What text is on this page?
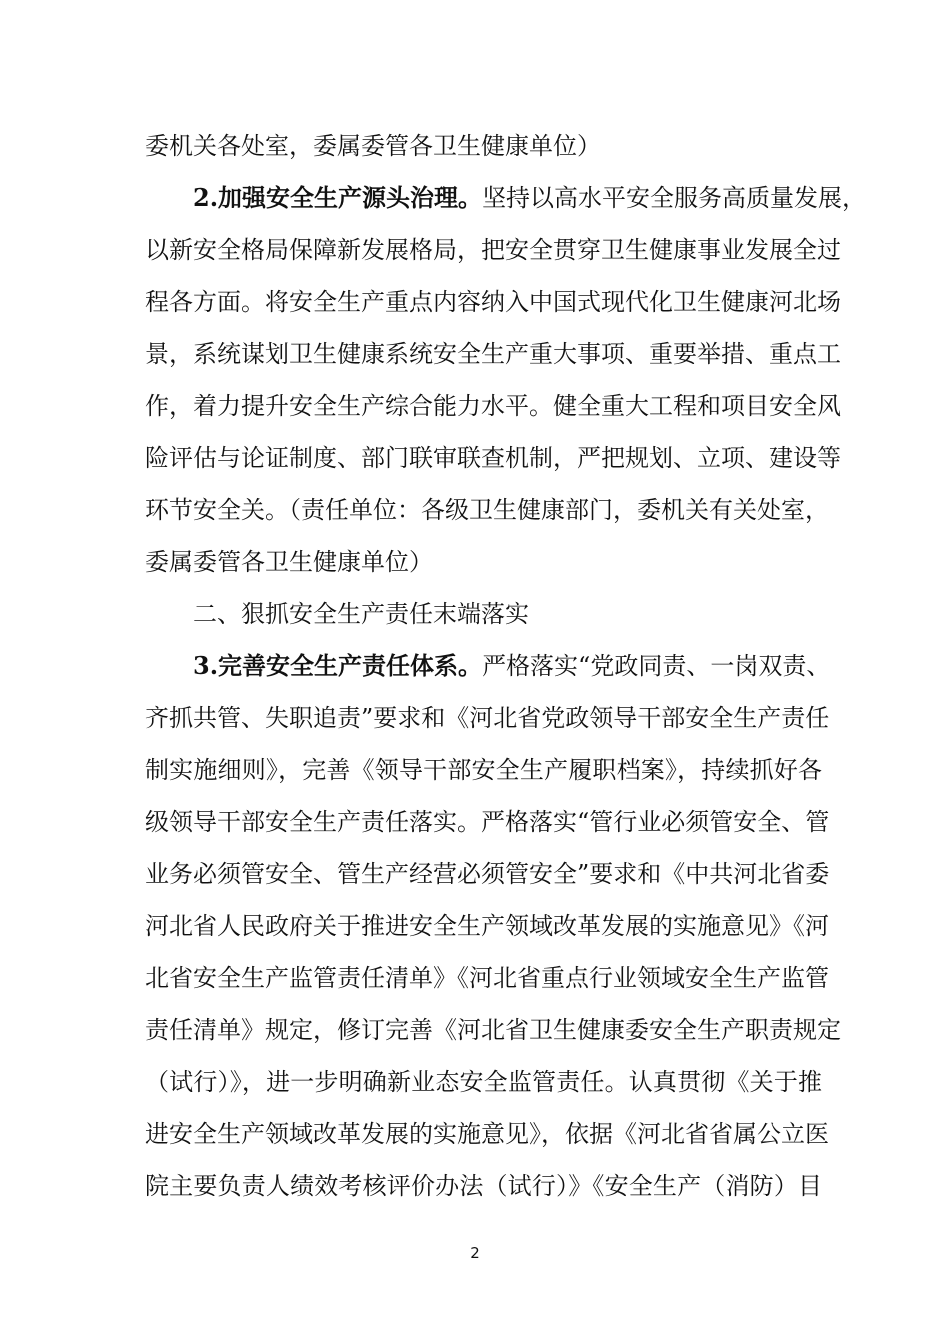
委机关各处室，委属委管各卫生健康单位）
2.加强安全生产源头治理。坚持以高水平安全服务高质量发展，
以新安全格局保障新发展格局，把安全贯穿卫生健康事业发展全过
程各方面。将安全生产重点内容纳入中国式现代化卫生健康河北场
景，系统谋划卫生健康系统安全生产重大事项、重要举措、重点工
作，着力提升安全生产综合能力水平。健全重大工程和项目安全风
险评估与论证制度、部门联审联查机制，严把规划、立项、建设等
环节安全关。（责任单位：各级卫生健康部门，委机关有关处室，
委属委管各卫生健康单位）
二、狠抓安全生产责任末端落实
3.完善安全生产责任体系。严格落实“党政同责、一岗双责、
齐抓共管、失职追责”要求和《河北省党政领导干部安全生产责任
制实施细则》，完善《领导干部安全生产履职档案》，持续抓好各
级领导干部安全生产责任落实。严格落实“管行业必须管安全、管
业务必须管安全、管生产经营必须管安全”要求和《中共河北省委
河北省人民政府关于推进安全生产领域改革发展的实施意见》《河
北省安全生产监管责任清单》《河北省重点行业领域安全生产监管
责任清单》规定，修订完善《河北省卫生健康委安全生产职责规定
（试行）》，进一步明确新业态安全监管责任。认真贯彻《关于推
进安全生产领域改革发展的实施意见》，依据《河北省省属公立医
院主要负责人绩效考核评价办法（试行）》《安全生产（消防）目
2
